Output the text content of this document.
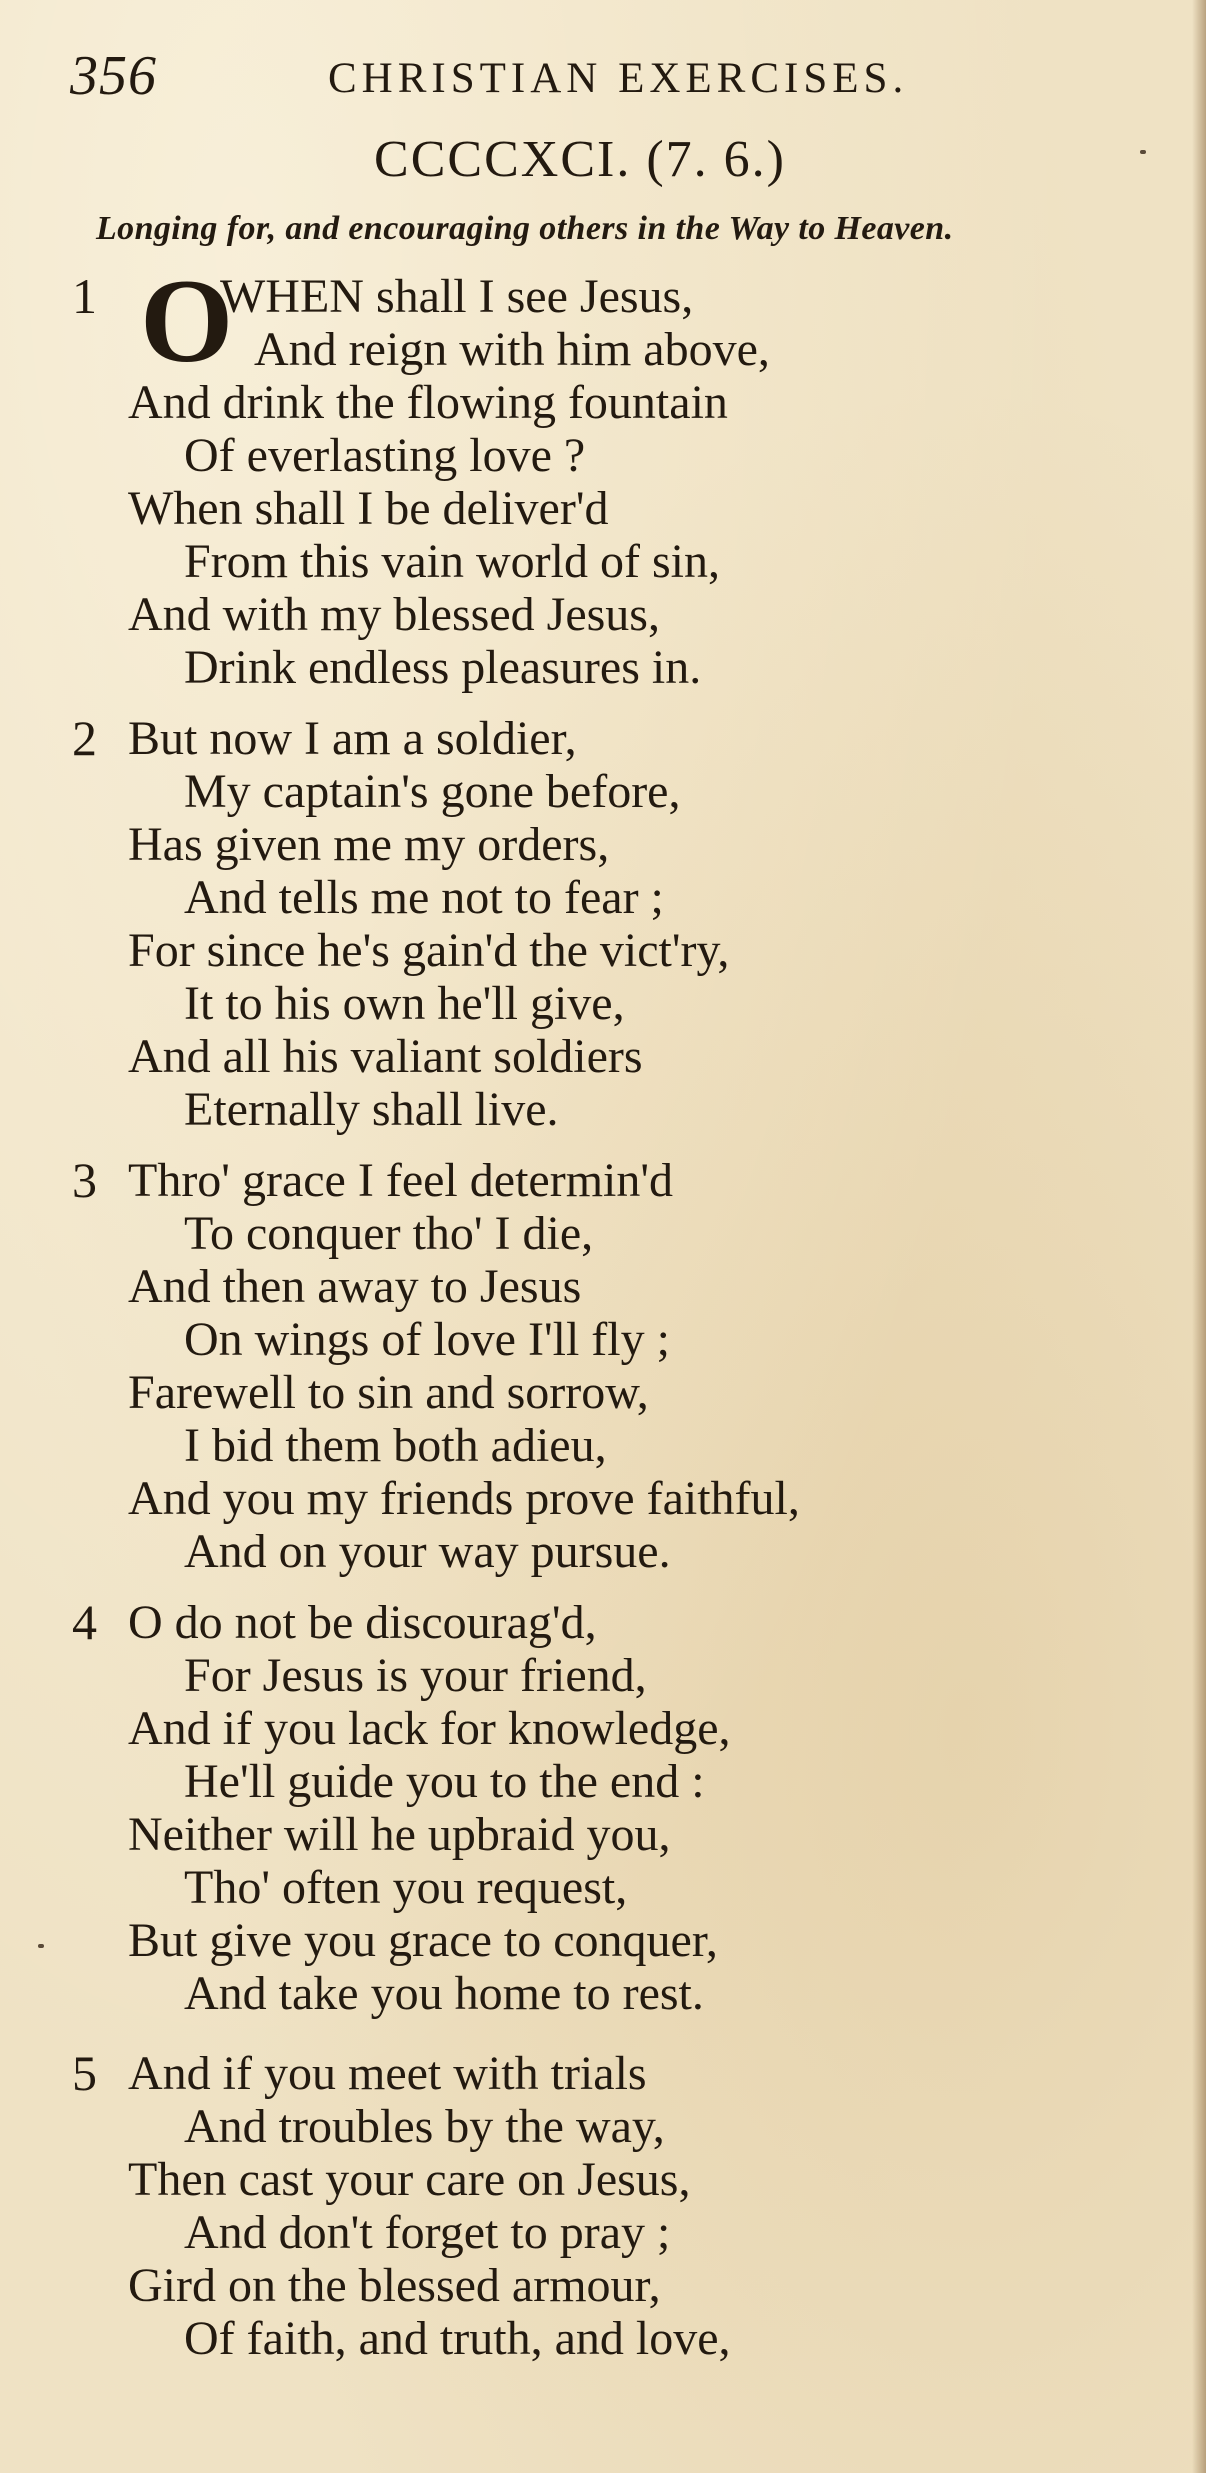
356	CHRISTIAN EXERCISES.
CCCCXCI. (7. 6.)
Longing for, and encouraging others in the Way to Heaven.
1 O
WHEN shall I see Jesus,
And reign with him above,
And drink the flowing fountain
Of everlasting love ?
When shall I be deliver'd
From this vain world of sin,
And with my blessed Jesus,
Drink endless pleasures in.
2 But now I am a soldier,
My captain's gone before,
Has given me my orders,
And tells me not to fear ;
For since he's gain'd the vict'ry,
It to his own he'll give,
And all his valiant soldiers
Eternally shall live.
3 Thro' grace I feel determin'd
To conquer tho' I die,
And then away to Jesus
On wings of love I'll fly ;
Farewell to sin and sorrow,
I bid them both adieu,
And you my friends prove faithful,
And on your way pursue.
4 O do not be discourag'd,
For Jesus is your friend,
And if you lack for knowledge,
He'll guide you to the end :
Neither will he upbraid you,
Tho' often you request,
But give you grace to conquer,
And take you home to rest.
5 And if you meet with trials
And troubles by the way,
Then cast your care on Jesus,
And don't forget to pray ;
Gird on the blessed armour,
Of faith, and truth, and love,
